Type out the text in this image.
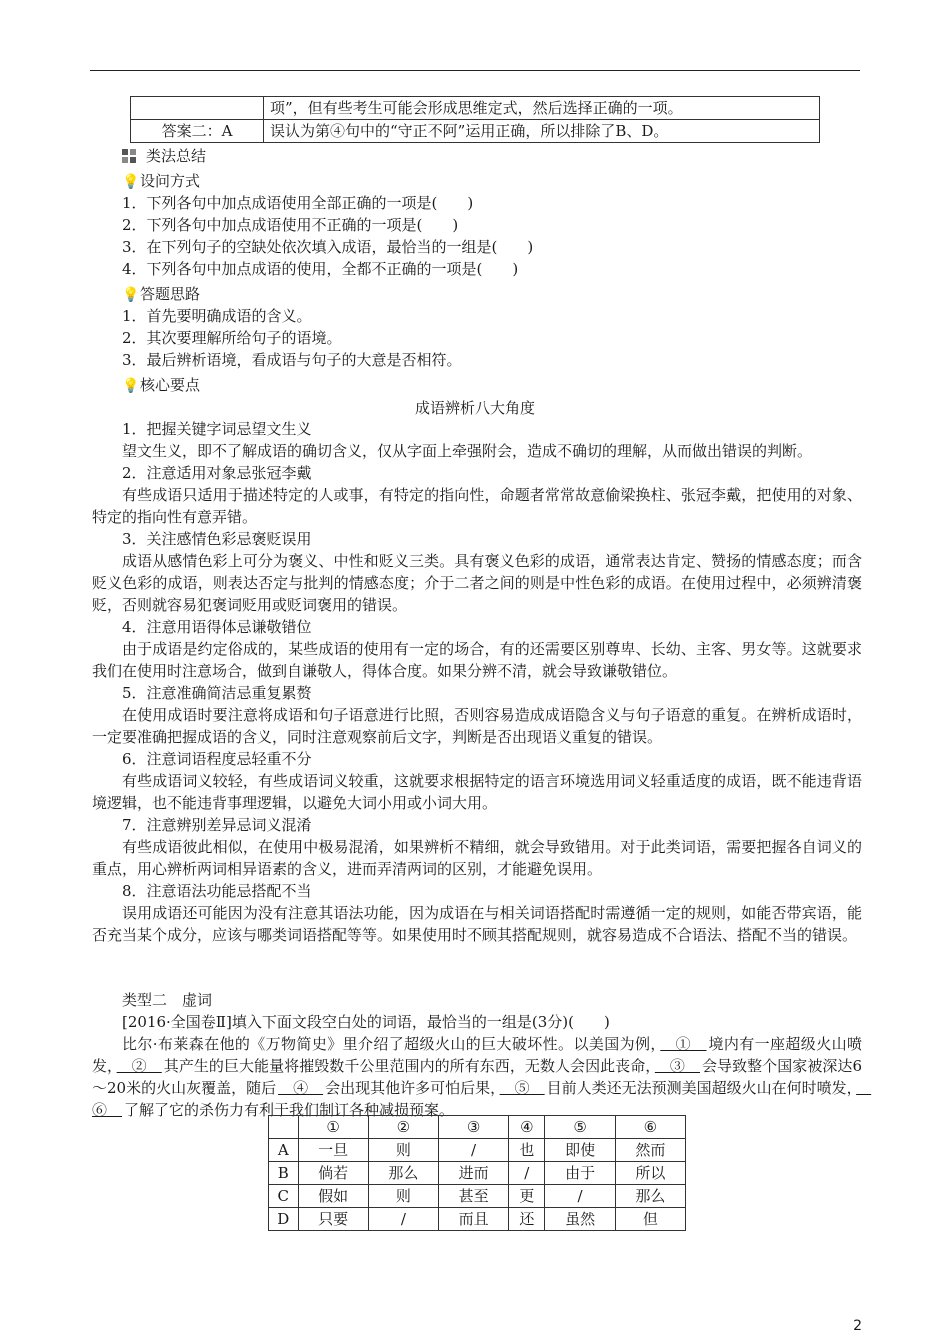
	项”，但有些考生可能会形成思维定式，然后选择正确的一项。
答案二：A	误认为第④句中的“守正不阿”运用正确，所以排除了B、D。
类法总结
💡设问方式
1．下列各句中加点成语使用全部正确的一项是(　　)
2．下列各句中加点成语使用不正确的一项是(　　)
3．在下列句子的空缺处依次填入成语，最恰当的一组是(　　)
4．下列各句中加点成语的使用，全都不正确的一项是(　　)
💡答题思路
1．首先要明确成语的含义。
2．其次要理解所给句子的语境。
3．最后辨析语境，看成语与句子的大意是否相符。
💡核心要点
成语辨析八大角度
1．把握关键字词忌望文生义
望文生义，即不了解成语的确切含义，仅从字面上牵强附会，造成不确切的理解，从而做出错误的判断。
2．注意适用对象忌张冠李戴
有些成语只适用于描述特定的人或事，有特定的指向性，命题者常常故意偷梁换柱、张冠李戴，把使用的对象、特定的指向性有意弄错。
3．关注感情色彩忌褒贬误用
成语从感情色彩上可分为褒义、中性和贬义三类。具有褒义色彩的成语，通常表达肯定、赞扬的情感态度；而含贬义色彩的成语，则表达否定与批判的情感态度；介于二者之间的则是中性色彩的成语。在使用过程中，必须辨清褒贬，否则就容易犯褒词贬用或贬词褒用的错误。
4．注意用语得体忌谦敬错位
由于成语是约定俗成的，某些成语的使用有一定的场合，有的还需要区别尊卑、长幼、主客、男女等。这就要求我们在使用时注意场合，做到自谦敬人，得体合度。如果分辨不清，就会导致谦敬错位。
5．注意准确简洁忌重复累赘
在使用成语时要注意将成语和句子语意进行比照，否则容易造成成语隐含义与句子语意的重复。在辨析成语时，一定要准确把握成语的含义，同时注意观察前后文字，判断是否出现语义重复的错误。
6．注意词语程度忌轻重不分
有些成语词义较轻，有些成语词义较重，这就要求根据特定的语言环境选用词义轻重适度的成语，既不能违背语境逻辑，也不能违背事理逻辑，以避免大词小用或小词大用。
7．注意辨别差异忌词义混淆
有些成语彼此相似，在使用中极易混淆，如果辨析不精细，就会导致错用。对于此类词语，需要把握各自词义的重点，用心辨析两词相异语素的含义，进而弄清两词的区别，才能避免误用。
8．注意语法功能忌搭配不当
误用成语还可能因为没有注意其语法功能，因为成语在与相关词语搭配时需遵循一定的规则，如能否带宾语，能否充当某个成分，应该与哪类词语搭配等等。如果使用时不顾其搭配规则，就容易造成不合语法、搭配不当的错误。
类型二　虚词
[2016·全国卷Ⅱ]填入下面文段空白处的词语，最恰当的一组是(3分)(　　)
比尔·布莱森在他的《万物简史》里介绍了超级火山的巨大破坏性。以美国为例，　①　境内有一座超级火山喷发，　②　其产生的巨大能量将摧毁数千公里范围内的所有东西，无数人会因此丧命，　③　会导致整个国家被深达6～20米的火山灰覆盖，随后　④　会出现其他许多可怕后果，　⑤　目前人类还无法预测美国超级火山在何时喷发，　⑥　了解了它的杀伤力有利于我们制订各种减损预案。
	①	②	③	④	⑤	⑥
A	一旦	则	/	也	即使	然而
B	倘若	那么	进而	/	由于	所以
C	假如	则	甚至	更	/	那么
D	只要	/	而且	还	虽然	但
2
